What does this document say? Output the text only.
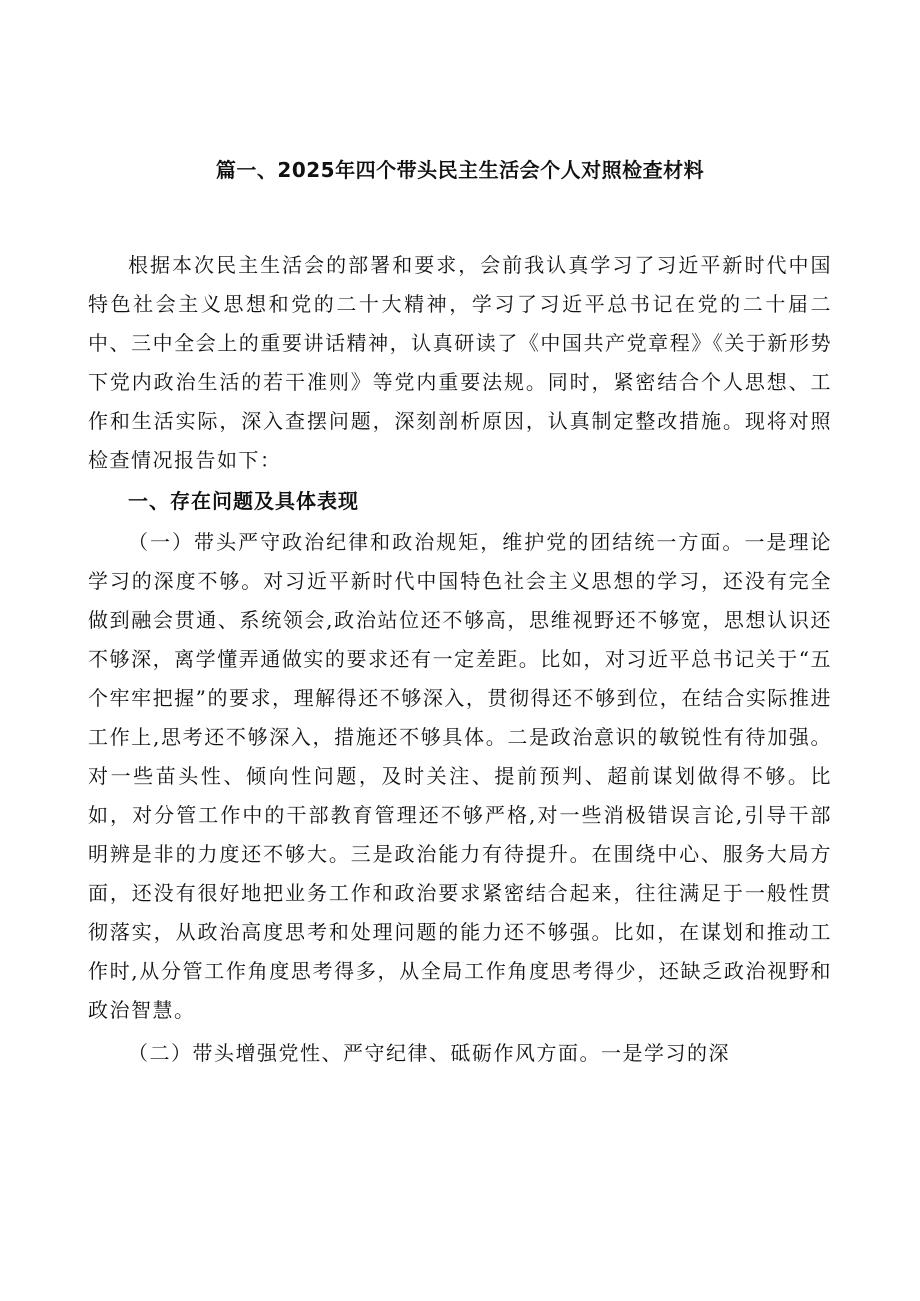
篇一、2025年四个带头民主生活会个人对照检查材料

根据本次民主生活会的部署和要求，会前我认真学习了习近平新时代中国特色社会主义思想和党的二十大精神，学习了习近平总书记在党的二十届二中、三中全会上的重要讲话精神，认真研读了《中国共产党章程》《关于新形势下党内政治生活的若干准则》等党内重要法规。同时，紧密结合个人思想、工作和生活实际，深入查摆问题，深刻剖析原因，认真制定整改措施。现将对照检查情况报告如下：

一、存在问题及具体表现

（一）带头严守政治纪律和政治规矩，维护党的团结统一方面。一是理论学习的深度不够。对习近平新时代中国特色社会主义思想的学习，还没有完全做到融会贯通、系统领会,政治站位还不够高，思维视野还不够宽，思想认识还不够深，离学懂弄通做实的要求还有一定差距。比如，对习近平总书记关于“五个牢牢把握”的要求，理解得还不够深入，贯彻得还不够到位，在结合实际推进工作上,思考还不够深入，措施还不够具体。二是政治意识的敏锐性有待加强。对一些苗头性、倾向性问题，及时关注、提前预判、超前谋划做得不够。比如，对分管工作中的干部教育管理还不够严格,对一些消极错误言论,引导干部明辨是非的力度还不够大。三是政治能力有待提升。在围绕中心、服务大局方面，还没有很好地把业务工作和政治要求紧密结合起来，往往满足于一般性贯彻落实，从政治高度思考和处理问题的能力还不够强。比如，在谋划和推动工作时,从分管工作角度思考得多，从全局工作角度思考得少，还缺乏政治视野和政治智慧。

（二）带头增强党性、严守纪律、砥砺作风方面。一是学习的深
